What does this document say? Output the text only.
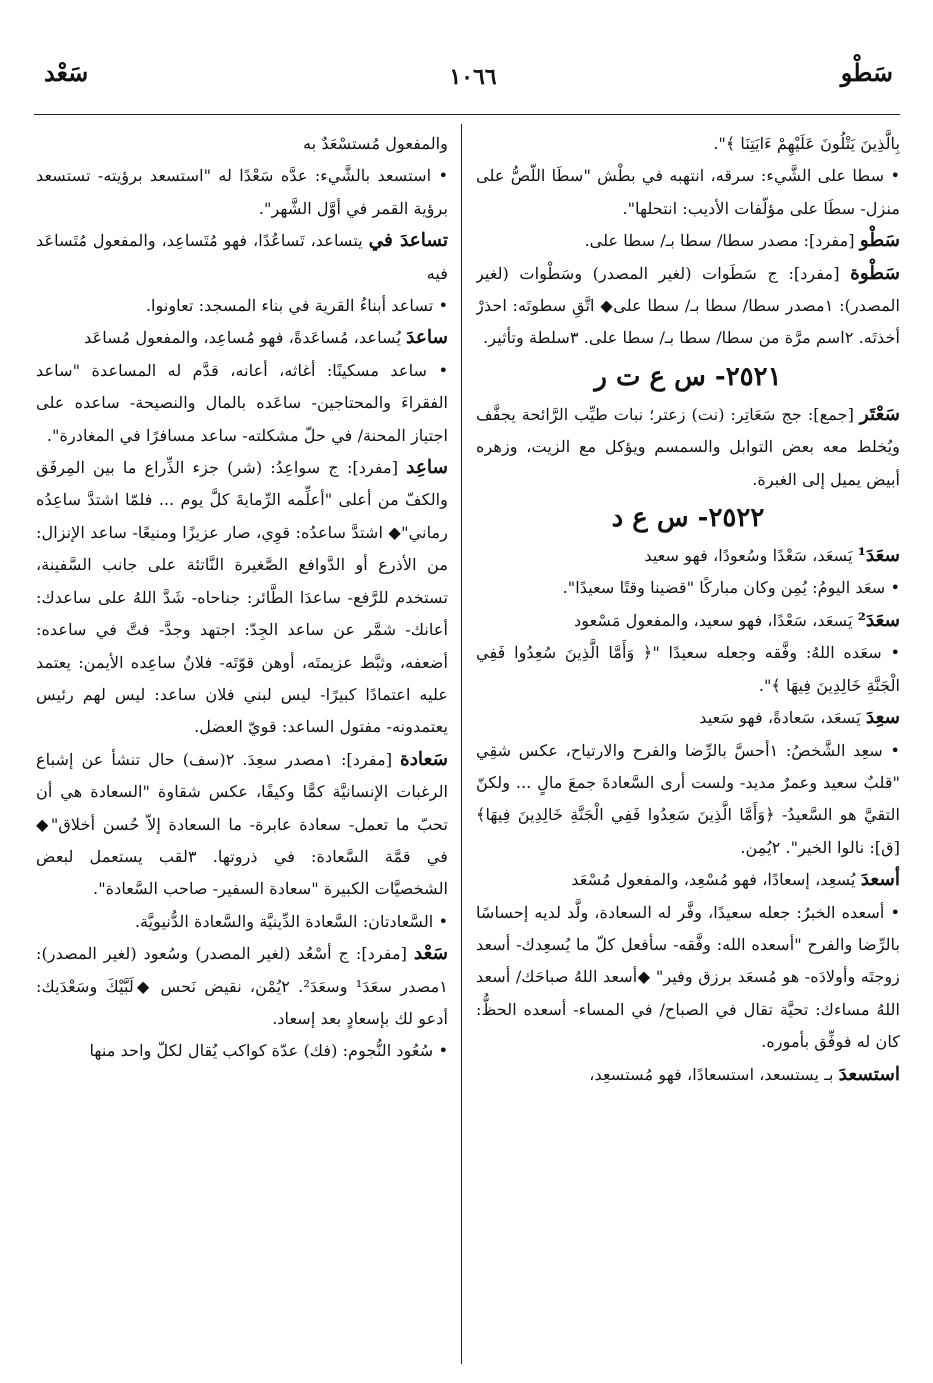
سَطْو
١٠٦٦
سَعْد

بِالَّذِينَ يَتْلُونَ عَلَيْهِمْ ءَايَتِنَا ﴾".

• سطا على الشَّيء: سرقه، انتهبه في بطْش "سطَا اللّصُّ على منزل- سطَا على مؤلّفات الأديب: انتحلها".

سَطْو [مفرد]: مصدر سطا/ سطا بـ/ سطا على.

سَطْوة [مفرد]: ج سَطَوات (لغير المصدر) وسَطْوات (لغير المصدر): ١مصدر سطا/ سطا بـ/ سطا على◆ اتَّقِ سطوتَه: احذرْ أخذتَه. ٢اسم مرَّة من سطا/ سطا بـ/ سطا على. ٣سلطة وتأثير.

٢٥٢١- س ع ت ر

سَعْتَر [جمع]: جج سَعَاتِر: (نت) زعتر؛ نبات طيِّب الرَّائحة يجفَّف ويُخلط معه بعض التوابل والسمسم ويؤكل مع الزيت، وزهره أبيض يميل إلى الغبرة.

٢٥٢٢- س ع د

سعَدَ¹ يَسعَد، سَعْدًا وسُعودًا، فهو سعيد

• سعَد اليومُ: يُمِن وكان مباركًا "قضينا وقتًا سعيدًا".

سعَدَ² يَسعَد، سَعْدًا، فهو سعيد، والمفعول مَسْعود

• سعَده اللهُ: وفَّقه وجعله سعيدًا "﴿ وَأَمَّا الَّذِينَ سُعِدُوا فَفِي الْجَنَّةِ خَالِدِينَ فِيهَا ﴾".

سعِدَ يَسعَد، سَعادةً، فهو سَعيد

• سعِد الشَّخصُ: ١أحسَّ بالرِّضا والفرح والارتياح، عكس شقِي "قلبٌ سعيد وعمرٌ مديد- ولست أرى السَّعادةَ جمعَ مالٍ ... ولكنّ التقيَّ هو السَّعيدُ- ﴿وَأَمَّا الَّذِينَ سَعِدُوا فَفِي الْجَنَّةِ خَالِدِينَ فِيهَا﴾ [ق]: نالوا الخير". ٢يُمِن.

أسعدَ يُسعِد، إسعادًا، فهو مُسْعِد، والمفعول مُسْعَد

• أسعده الخبرُ: جعله سعيدًا، وفَّر له السعادة، ولَّد لديه إحساسًا بالرِّضا والفرح "أسعده الله: وفَّقه- سأفعل كلّ ما يُسعِدك- أسعد زوجتَه وأولادَه- هو مُسعَد برزق وفير" ◆أسعد اللهُ صباحَك/ أسعد اللهُ مساءك: تحيَّة تقال في الصباح/ في المساء- أسعده الحظُّ: كان له فوفِّق بأموره.

استسعدَ بـ يستسعد، استسعادًا، فهو مُستسعِد،

والمفعول مُستسْعَدٌ به

• استسعد بالشَّيء: عدَّه سَعْدًا له "استسعد برؤيته- تستسعد برؤية القمر في أوَّل الشَّهر".

تساعدَ في يتساعد، تَساعُدًا، فهو مُتَساعِد، والمفعول مُتَساعَد فيه

• تساعد أبناءُ القرية في بناء المسجد: تعاونوا.

ساعدَ يُساعد، مُساعَدةً، فهو مُساعِد، والمفعول مُساعَد

• ساعد مسكينًا: أغاثه، أعانه، قدَّم له المساعدة "ساعد الفقراءَ والمحتاجين- ساعَده بالمال والنصيحة- ساعده على اجتياز المحنة/ في حلّ مشكلته- ساعد مسافرًا في المغادرة".

ساعِد [مفرد]: ج سواعِدُ: (شر) جزء الذِّراع ما بين المِرفَق والكفّ من أعلى "أعلِّمه الرِّمايةَ كلَّ يوم ... فلمّا اشتدَّ ساعِدُه رماني"◆ اشتدَّ ساعدُه: قوِي، صار عزيزًا ومنيعًا- ساعد الإنزال: من الأذرع أو الدَّوافع الصَّغيرة النَّاتئة على جانب السَّفينة، تستخدم للرَّفع- ساعدَا الطَّائر: جناحاه- شَدَّ اللهُ على ساعدك: أعانك- شمَّر عن ساعد الجِدّ: اجتهد وجدَّ- فتَّ في ساعده: أضعفه، وثبَّط عزيمتَه، أوهن قوّتَه- فلانٌ ساعِده الأيمن: يعتمد عليه اعتمادًا كبيرًا- ليس لبني فلان ساعد: ليس لهم رئيس يعتمدونه- مفتول الساعد: قويّ العضل.

سَعادة [مفرد]: ١مصدر سعِدَ. ٢(سف) حال تنشأ عن إشباع الرغبات الإنسانيَّة كمًّا وكيفًا، عكس شقاوة "السعادة هي أن تحبّ ما تعمل- سعادة عابرة- ما السعادة إلاّ حُسن أخلاق"◆ في قمَّة السَّعادة: في ذروتها. ٣لقب يستعمل لبعض الشخصيَّات الكبيرة "سعادة السفير- صاحب السَّعادة".

• السَّعادتان: السَّعادة الدِّينيَّة والسَّعادة الدُّنيويَّة.

سَعْد [مفرد]: ج أسْعُد (لغير المصدر) وسُعود (لغير المصدر): ١مصدر سعَدَ¹ وسعَدَ². ٢يُمْن، نقيض نَحس ◆لَبَّيْكَ وسَعْدَيك: أدعو لك بإسعادٍ بعد إسعاد.

• سُعُود النُّجوم: (فك) عدّة كواكب يُقال لكلّ واحد منها
